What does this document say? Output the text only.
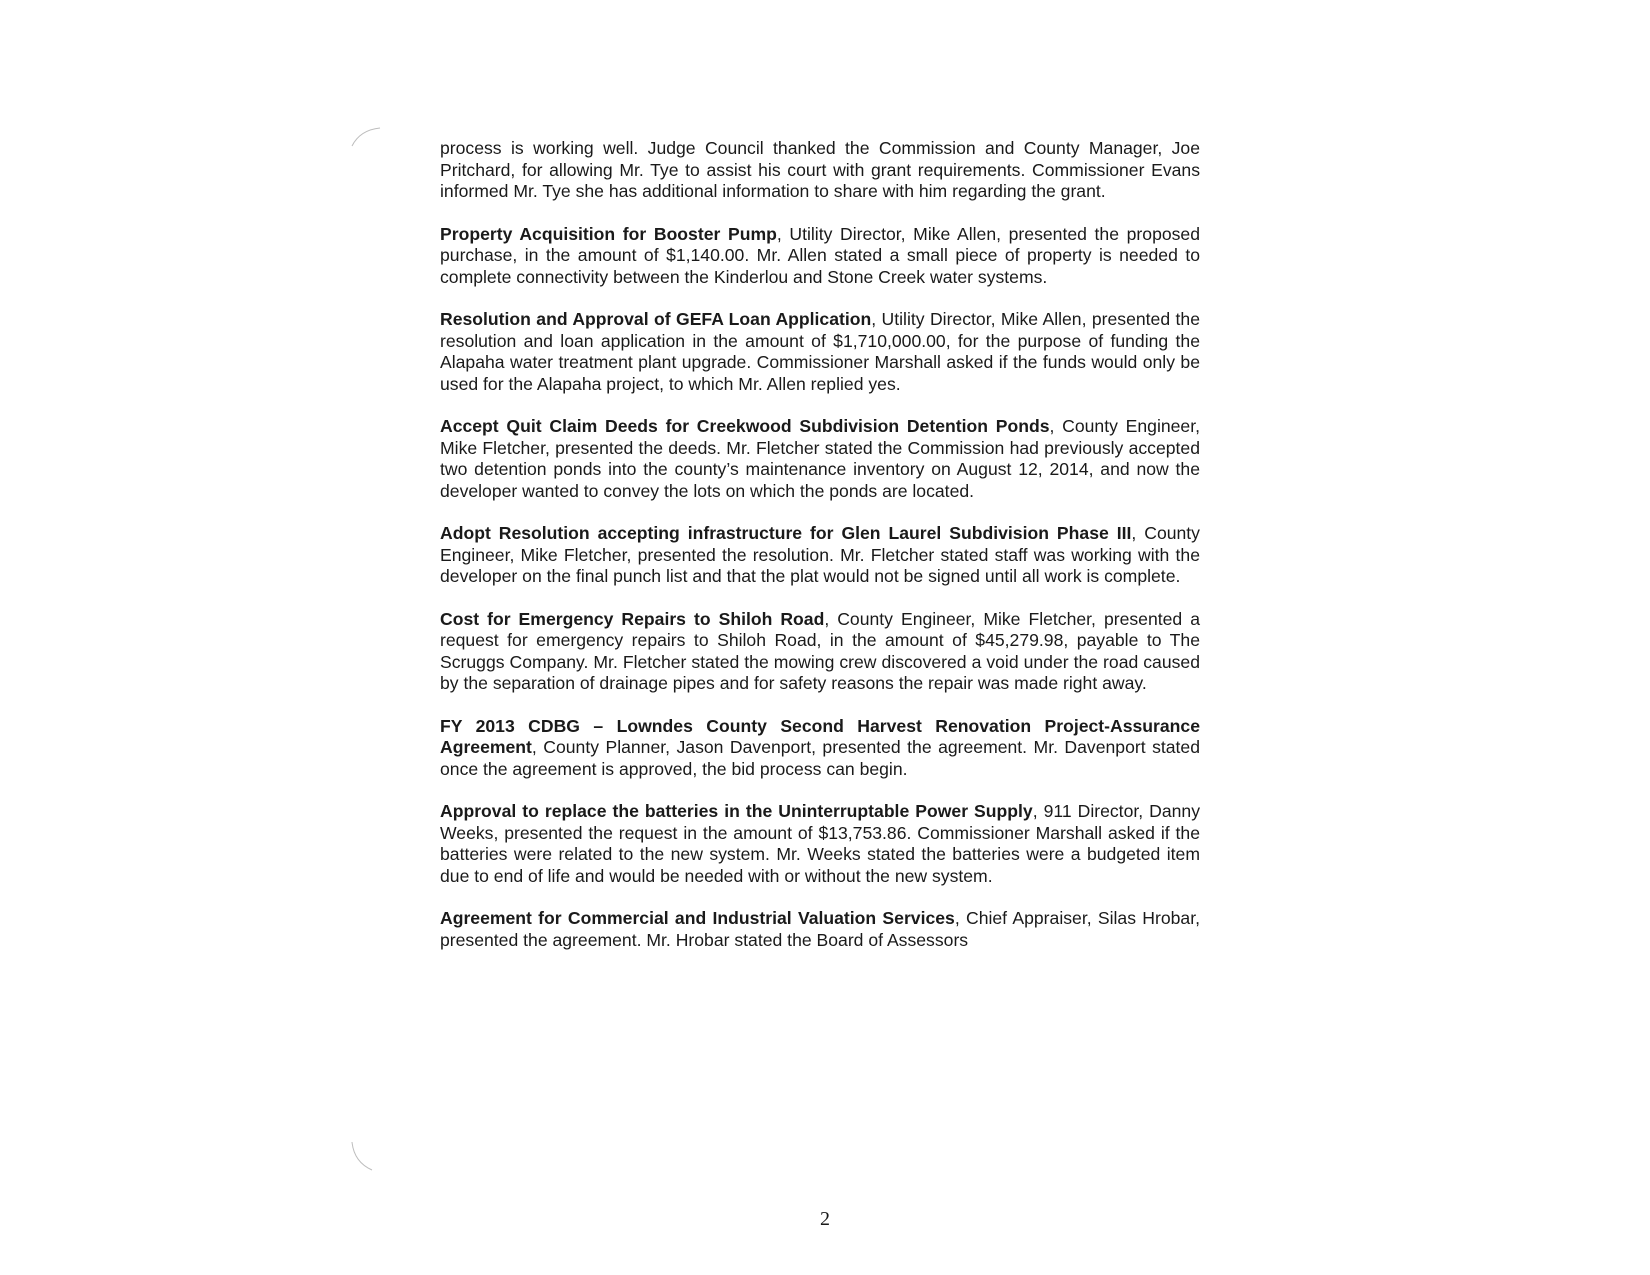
process is working well. Judge Council thanked the Commission and County Manager, Joe Pritchard, for allowing Mr. Tye to assist his court with grant requirements. Commissioner Evans informed Mr. Tye she has additional information to share with him regarding the grant.

Property Acquisition for Booster Pump, Utility Director, Mike Allen, presented the proposed purchase, in the amount of $1,140.00. Mr. Allen stated a small piece of property is needed to complete connectivity between the Kinderlou and Stone Creek water systems.

Resolution and Approval of GEFA Loan Application, Utility Director, Mike Allen, presented the resolution and loan application in the amount of $1,710,000.00, for the purpose of funding the Alapaha water treatment plant upgrade. Commissioner Marshall asked if the funds would only be used for the Alapaha project, to which Mr. Allen replied yes.

Accept Quit Claim Deeds for Creekwood Subdivision Detention Ponds, County Engineer, Mike Fletcher, presented the deeds. Mr. Fletcher stated the Commission had previously accepted two detention ponds into the county’s maintenance inventory on August 12, 2014, and now the developer wanted to convey the lots on which the ponds are located.

Adopt Resolution accepting infrastructure for Glen Laurel Subdivision Phase III, County Engineer, Mike Fletcher, presented the resolution. Mr. Fletcher stated staff was working with the developer on the final punch list and that the plat would not be signed until all work is complete.

Cost for Emergency Repairs to Shiloh Road, County Engineer, Mike Fletcher, presented a request for emergency repairs to Shiloh Road, in the amount of $45,279.98, payable to The Scruggs Company. Mr. Fletcher stated the mowing crew discovered a void under the road caused by the separation of drainage pipes and for safety reasons the repair was made right away.

FY 2013 CDBG – Lowndes County Second Harvest Renovation Project-Assurance Agreement, County Planner, Jason Davenport, presented the agreement. Mr. Davenport stated once the agreement is approved, the bid process can begin.

Approval to replace the batteries in the Uninterruptable Power Supply, 911 Director, Danny Weeks, presented the request in the amount of $13,753.86. Commissioner Marshall asked if the batteries were related to the new system. Mr. Weeks stated the batteries were a budgeted item due to end of life and would be needed with or without the new system.

Agreement for Commercial and Industrial Valuation Services, Chief Appraiser, Silas Hrobar, presented the agreement. Mr. Hrobar stated the Board of Assessors

2
